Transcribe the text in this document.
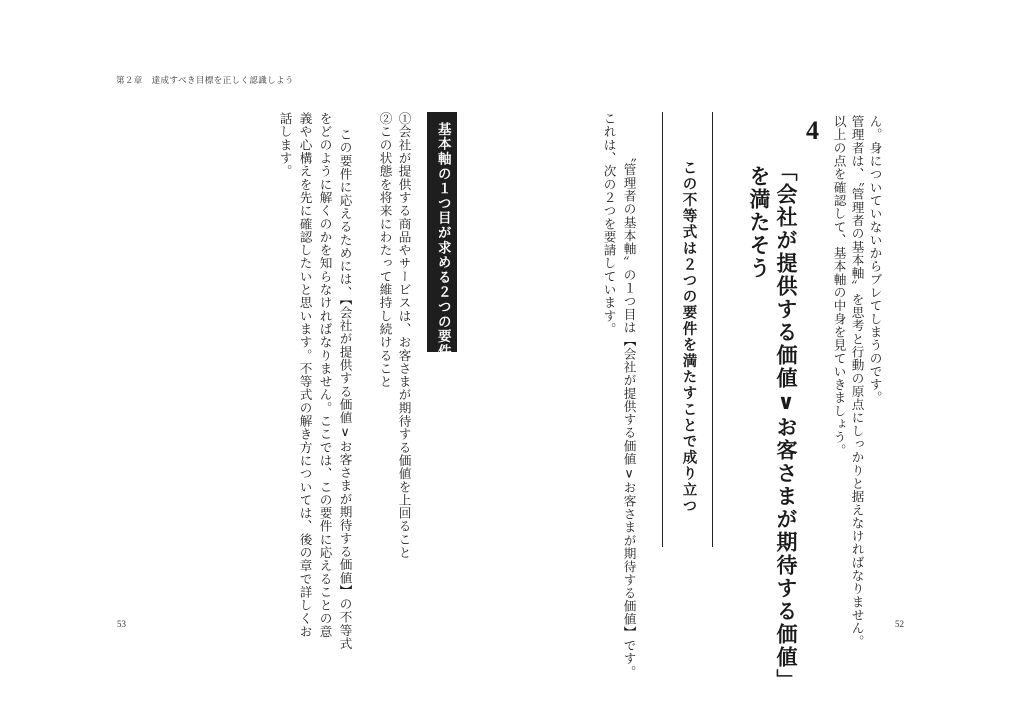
第２章　達成すべき目標を正しく認識しよう
53	52
ん。身についていないからブレてしまうのです。
管理者は、〝管理者の基本軸〟を思考と行動の原点にしっかりと据えなければなりません。
以上の点を確認して、基本軸の中身を見ていきましょう。
4
「会社が提供する価値∨お客さまが期待する価値」
を満たそう
この不等式は２つの要件を満たすことで成り立つ
〝管理者の基本軸〟の１つ目は【会社が提供する価値∨お客さまが期待する価値】です。
これは、次の２つを要請しています。
基本軸の１つ目が求める２つの要件
①会社が提供する商品やサービスは、お客さまが期待する価値を上回ること
②この状態を将来にわたって維持し続けること
この要件に応えるためには、【会社が提供する価値∨お客さまが期待する価値】の不等式
をどのように解くのかを知らなければなりません。ここでは、この要件に応えることの意
義や心構えを先に確認したいと思います。不等式の解き方については、後の章で詳しくお
話します。
